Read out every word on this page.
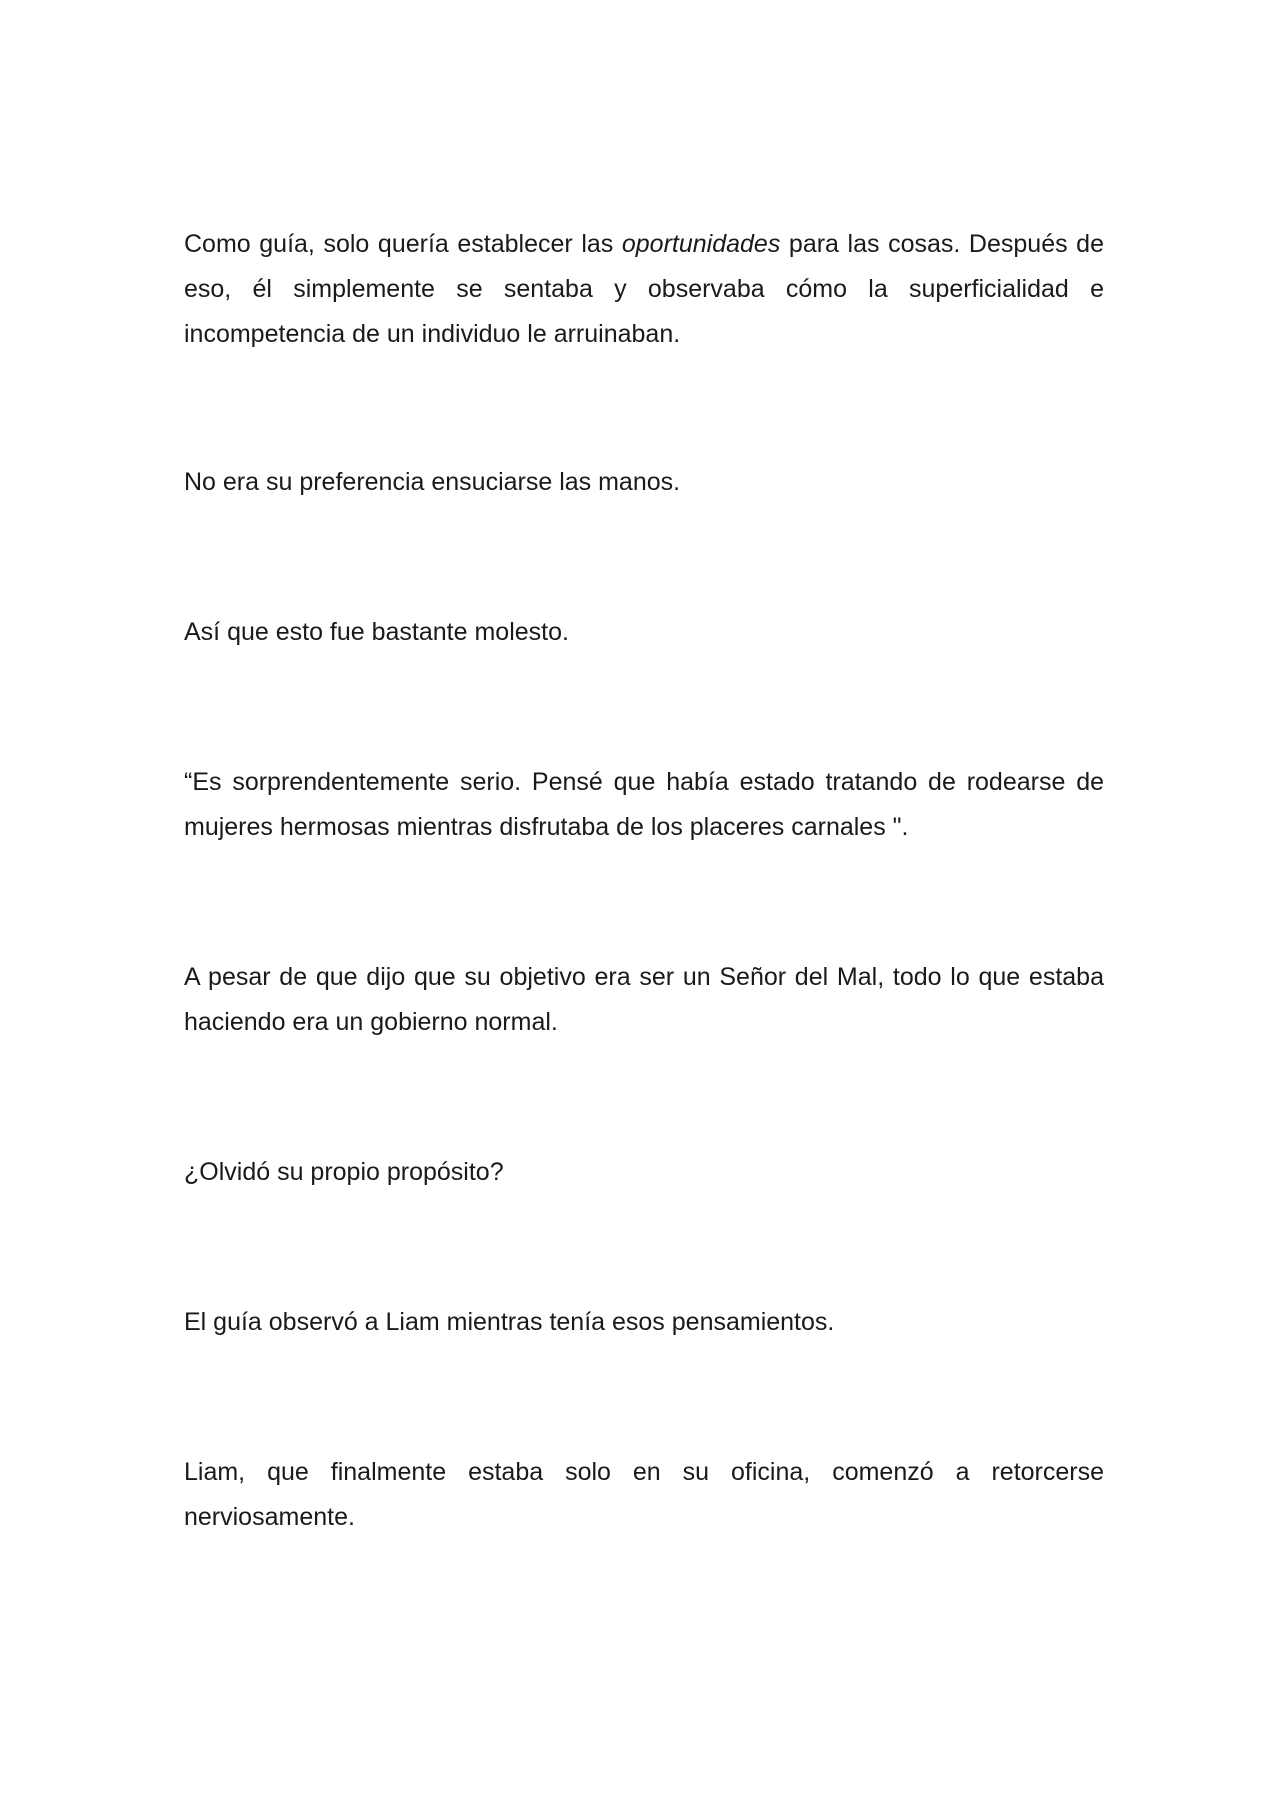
Como guía, solo quería establecer las oportunidades para las cosas. Después de eso, él simplemente se sentaba y observaba cómo la superficialidad e incompetencia de un individuo le arruinaban.

No era su preferencia ensuciarse las manos.

Así que esto fue bastante molesto.

“Es sorprendentemente serio. Pensé que había estado tratando de rodearse de mujeres hermosas mientras disfrutaba de los placeres carnales ".

A pesar de que dijo que su objetivo era ser un Señor del Mal, todo lo que estaba haciendo era un gobierno normal.

¿Olvidó su propio propósito?

El guía observó a Liam mientras tenía esos pensamientos.

Liam, que finalmente estaba solo en su oficina, comenzó a retorcerse nerviosamente.
